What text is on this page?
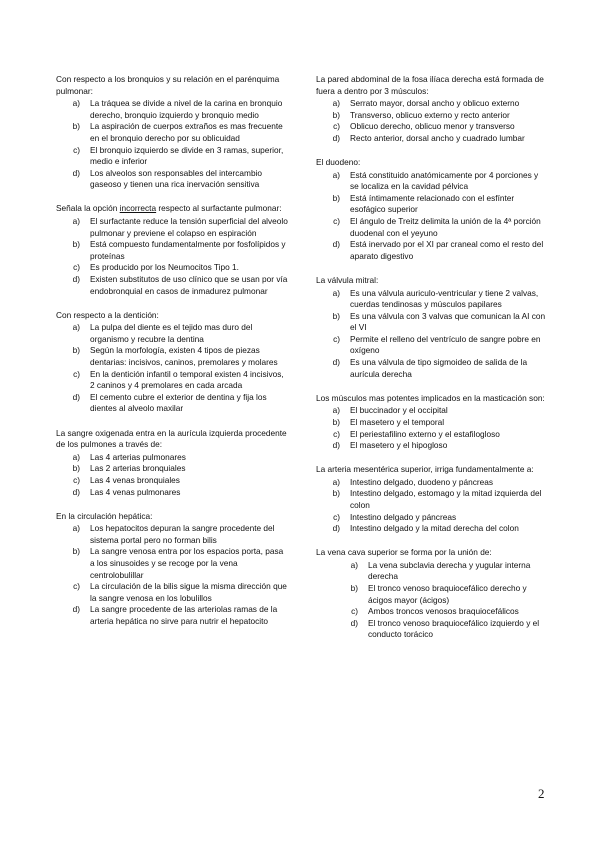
Con respecto a los bronquios y su relación en el parénquima pulmonar:

a)	La tráquea se divide a nivel de la carina en bronquio derecho, bronquio izquierdo y bronquio medio
b)	La aspiración de cuerpos extraños es mas frecuente en el bronquio derecho por su oblicuidad
c)	El bronquio izquierdo se divide en 3 ramas, superior, medio e inferior
d)	Los alveolos son responsables del intercambio gaseoso y tienen una rica inervación sensitiva

Señala la opción incorrecta respecto al surfactante pulmonar:

a)	El surfactante reduce la tensión superficial del alveolo pulmonar y previene el colapso en espiración
b)	Está compuesto fundamentalmente por fosfolípidos y proteínas
c)	Es producido por los Neumocitos Tipo 1.
d)	Existen substitutos de uso clínico que se usan por vía endobronquial en casos de inmadurez pulmonar

Con respecto a la dentición:

a)	La pulpa del diente es el tejido mas duro del organismo y recubre la dentina
b)	Según la morfología, existen 4 tipos de piezas dentarias: incisivos, caninos, premolares y molares
c)	En la dentición infantil o temporal existen 4 incisivos, 2 caninos y 4 premolares en cada arcada
d)	El cemento cubre el exterior de dentina y fija los dientes al alveolo maxilar

La sangre oxigenada entra en la aurícula izquierda procedente de los pulmones a través de:

a)	Las 4 arterias pulmonares
b)	Las 2 arterias bronquiales
c)	Las 4 venas bronquiales
d)	Las 4 venas pulmonares

En la circulación hepática:

a)	Los hepatocitos depuran la sangre procedente del sistema portal pero no forman bilis
b)	La sangre venosa entra por los espacios porta, pasa a los sinusoides y se recoge por la vena centrolobulillar
c)	La circulación de la bilis sigue la misma dirección que la sangre venosa en los lobulillos
d)	La sangre procedente de las arteriolas ramas de la arteria hepática no sirve para nutrir el hepatocito

La pared abdominal de la fosa ilíaca derecha está formada de fuera a dentro por 3 músculos:

a)	Serrato mayor, dorsal ancho y oblicuo externo
b)	Transverso, oblicuo externo y recto anterior
c)	Oblicuo derecho, oblicuo menor y transverso
d)	Recto anterior, dorsal ancho y cuadrado lumbar

El duodeno:

a)	Está constituido anatómicamente por 4 porciones y se localiza en la cavidad pélvica
b)	Está íntimamente relacionado con el esfínter esofágico superior
c)	El ángulo de Treitz delimita la unión de la 4ª porción duodenal con el yeyuno
d)	Está inervado por el XI par craneal como el resto del aparato digestivo

La válvula mitral:

a)	Es una válvula auriculo-ventricular y tiene 2 valvas, cuerdas tendinosas y músculos papilares
b)	Es una válvula con 3 valvas que comunican la AI con el VI
c)	Permite el relleno del ventrículo de sangre pobre en oxígeno
d)	Es una válvula de tipo sigmoideo de salida de la aurícula derecha

Los músculos mas potentes implicados en la masticación son:

a)	El buccinador y el occipital
b)	El masetero y el temporal
c)	El periestafilino externo y el estafilogloso
d)	El masetero y el hipogloso

La arteria mesentérica superior, irriga fundamentalmente a:

a)	Intestino delgado, duodeno y páncreas
b)	Intestino delgado, estomago y la mitad izquierda del colon
c)	Intestino delgado y páncreas
d)	Intestino delgado y la mitad derecha del colon

La vena cava superior se forma por la unión de:

a)	La vena subclavia derecha y yugular interna derecha
b)	El tronco venoso braquiocefálico derecho y ácigos mayor (ácigos)
c)	Ambos troncos venosos braquiocefálicos
d)	El tronco venoso braquiocefálico izquierdo y el conducto torácico
2
